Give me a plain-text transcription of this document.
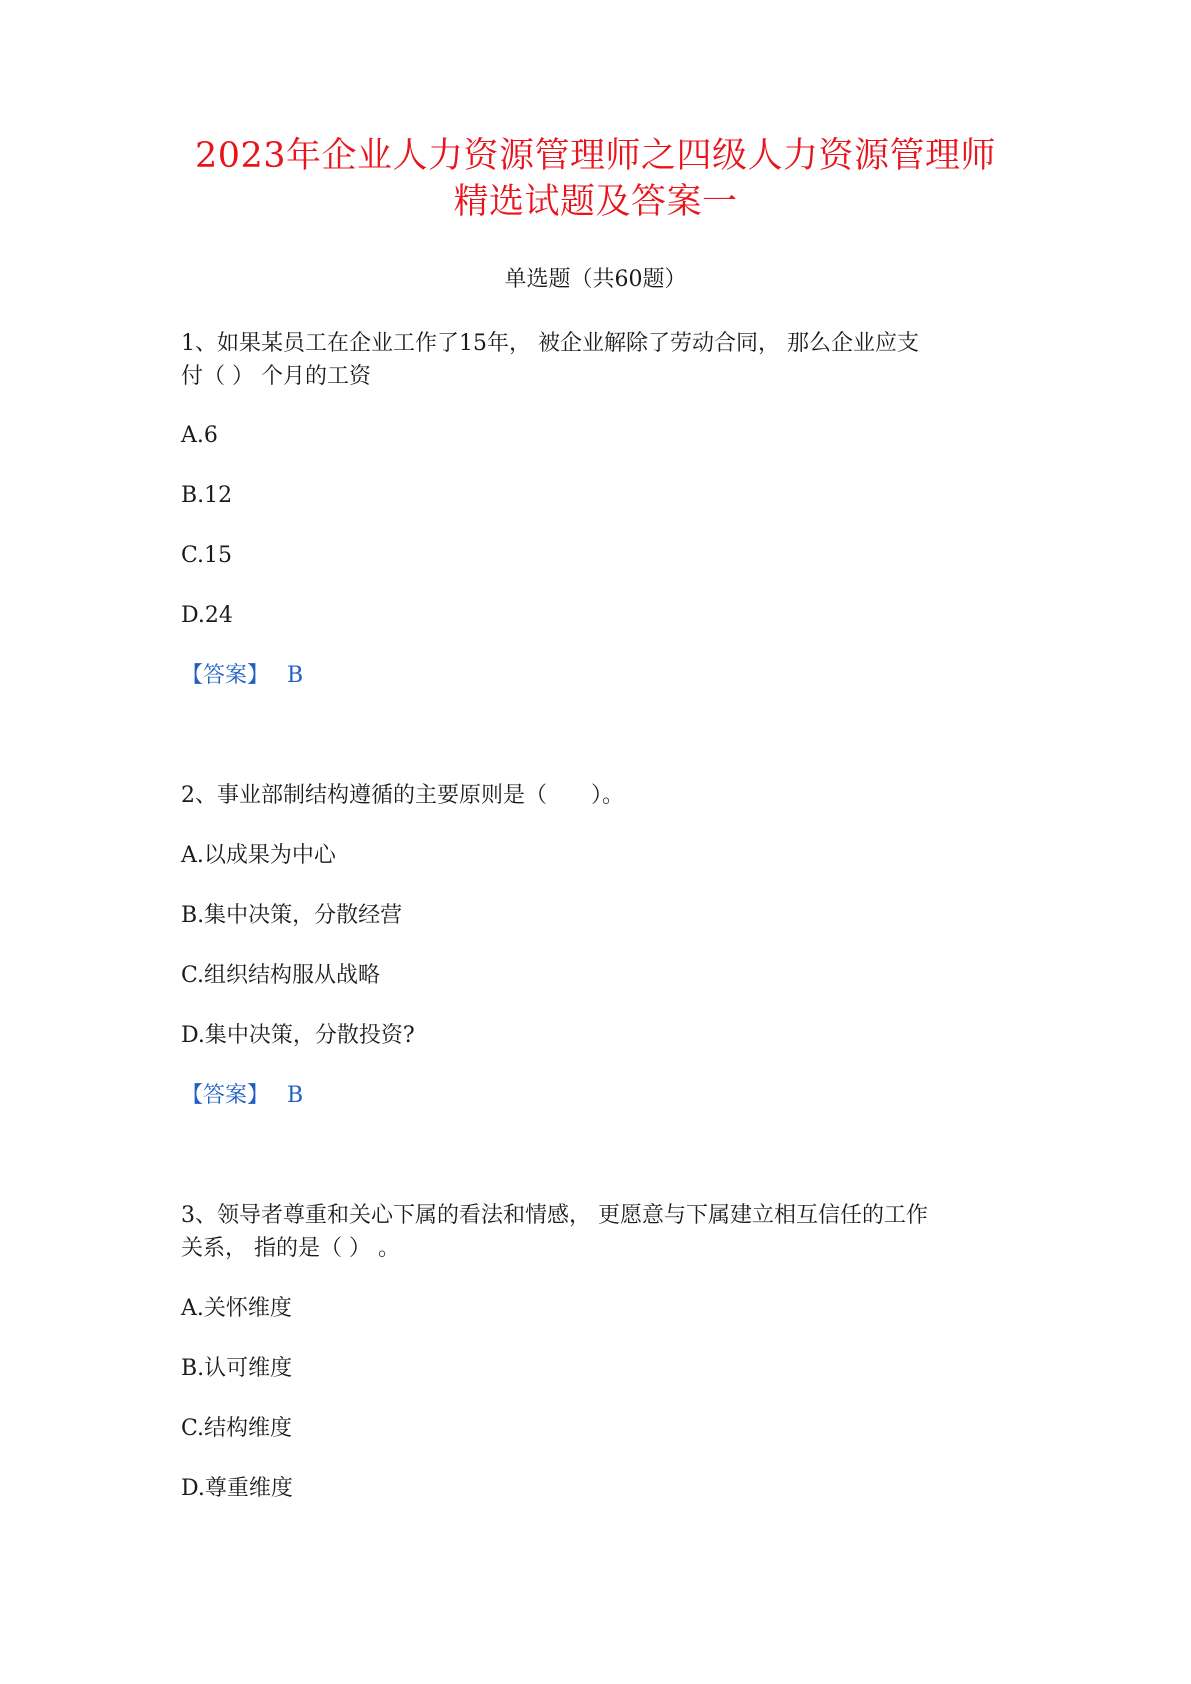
2023年企业人力资源管理师之四级人力资源管理师
精选试题及答案一
单选题（共60题）
1、如果某员工在企业工作了15年， 被企业解除了劳动合同， 那么企业应支
付（ ） 个月的工资
A.6
B.12
C.15
D.24
【答案】 B
2、事业部制结构遵循的主要原则是（　　）。
A.以成果为中心
B.集中决策，分散经营
C.组织结构服从战略
D.集中决策，分散投资?
【答案】 B
3、领导者尊重和关心下属的看法和情感， 更愿意与下属建立相互信任的工作
关系， 指的是（ ） 。
A.关怀维度
B.认可维度
C.结构维度
D.尊重维度
